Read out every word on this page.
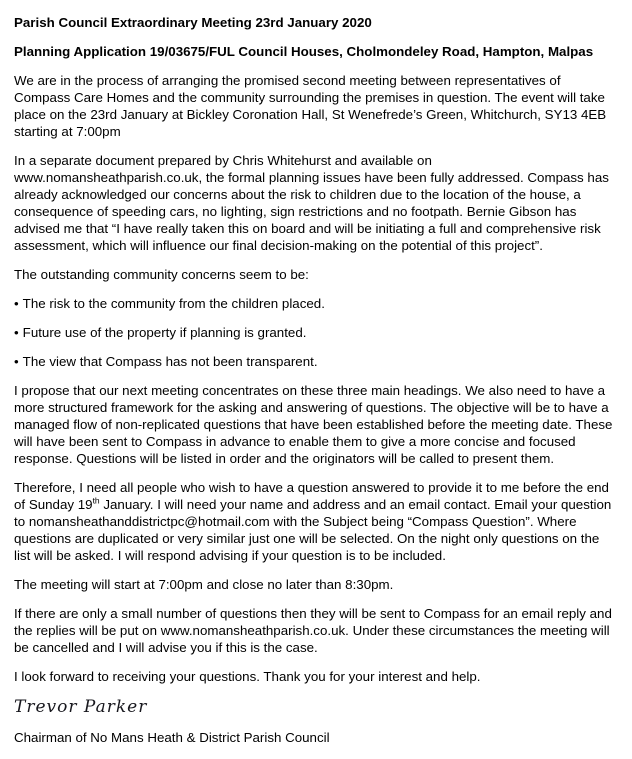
Parish Council Extraordinary Meeting 23rd January 2020

Planning Application 19/03675/FUL Council Houses, Cholmondeley Road, Hampton, Malpas

We are in the process of arranging the promised second meeting between representatives of Compass Care Homes and the community surrounding the premises in question. The event will take place on the 23rd January at Bickley Coronation Hall, St Wenefrede’s Green, Whitchurch, SY13 4EB starting at 7:00pm

In a separate document prepared by Chris Whitehurst and available on www.nomansheathparish.co.uk, the formal planning issues have been fully addressed. Compass has already acknowledged our concerns about the risk to children due to the location of the house, a consequence of speeding cars, no lighting, sign restrictions and no footpath. Bernie Gibson has advised me that “I have really taken this on board and will be initiating a full and comprehensive risk assessment, which will influence our final decision-making on the potential of this project”.

The outstanding community concerns seem to be:

• The risk to the community from the children placed.

• Future use of the property if planning is granted.

• The view that Compass has not been transparent.

I propose that our next meeting concentrates on these three main headings. We also need to have a more structured framework for the asking and answering of questions. The objective will be to have a managed flow of non-replicated questions that have been established before the meeting date. These will have been sent to Compass in advance to enable them to give a more concise and focused response. Questions will be listed in order and the originators will be called to present them.

Therefore, I need all people who wish to have a question answered to provide it to me before the end of Sunday 19th January. I will need your name and address and an email contact. Email your question to nomansheathanddistrictpc@hotmail.com with the Subject being “Compass Question”. Where questions are duplicated or very similar just one will be selected. On the night only questions on the list will be asked. I will respond advising if your question is to be included.

The meeting will start at 7:00pm and close no later than 8:30pm.

If there are only a small number of questions then they will be sent to Compass for an email reply and the replies will be put on www.nomansheathparish.co.uk. Under these circumstances the meeting will be cancelled and I will advise you if this is the case.

I look forward to receiving your questions. Thank you for your interest and help.

Trevor Parker

Chairman of No Mans Heath & District Parish Council
